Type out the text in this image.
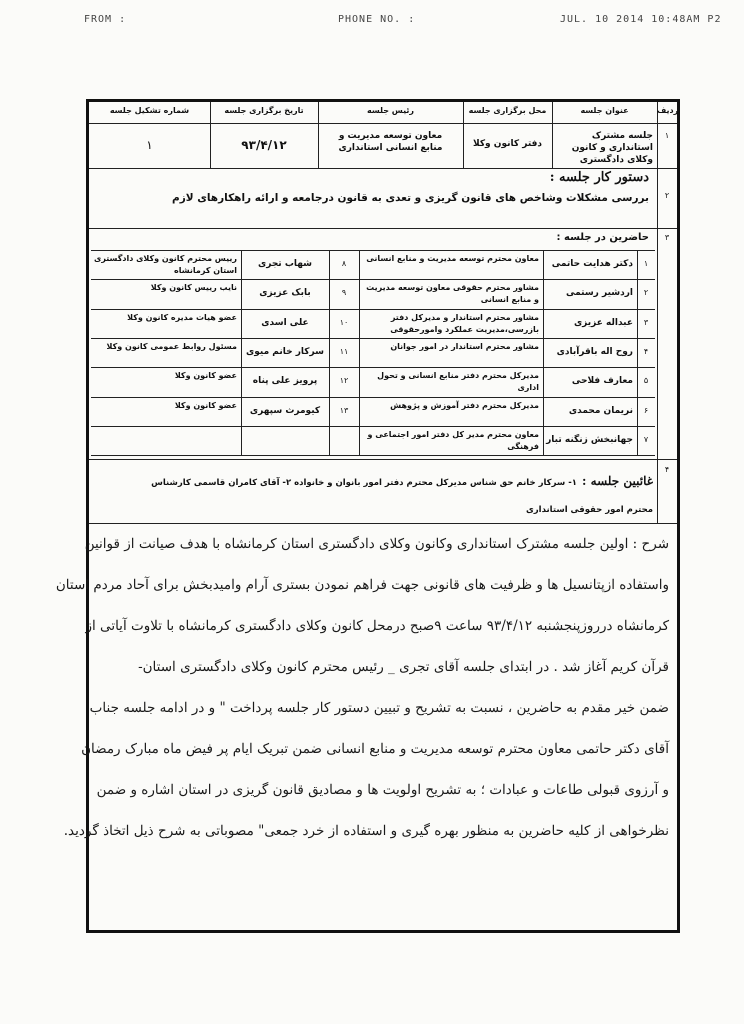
FROM :	PHONE NO. :	JUL. 10 2014 10:48AM P2
ردیف
عنوان جلسه
محل برگزاری جلسه
رئیس جلسه
تاریخ برگزاری جلسه
شماره تشکیل جلسه
۱
جلسه مشترک استانداری و کانون وکلای دادگستری
دفتر کانون وکلا
معاون توسعه مدیریت و منابع انسانی استانداری
۹۳/۴/۱۲
۱
۲
دستور کار جلسه :
بررسی مشکلات وشاخص های قانون گریزی و تعدی به قانون درجامعه و ارائه راهکارهای لازم
۳
حاضرین در جلسه :
۱
دکتر هدایت حاتمی
معاون محترم توسعه مدیریت و منابع انسانی
۸
شهاب تجری
رییس محترم کانون وکلای دادگستری استان کرمانشاه
۲
اردشیر رستمی
مشاور محترم حقوقی معاون توسعه مدیریت و منابع انسانی
۹
بابک عزیزی
نایب رییس کانون وکلا
۳
عبداله عزیزی
مشاور محترم استاندار و مدیرکل دفتر بازرسی،مدیریت عملکرد وامورحقوقی
۱۰
علی اسدی
عضو هیات مدیره کانون وکلا
۴
روح اله باقرآبادی
مشاور محترم استاندار در امور جوانان
۱۱
سرکار خانم میوی
مسئول روابط عمومی کانون وکلا
۵
معارف فلاحی
مدیرکل محترم دفتر منابع انسانی و تحول اداری
۱۲
پرویز علی پناه
عضو کانون وکلا
۶
نریمان محمدی
مدیرکل محترم دفتر آموزش و پژوهش
۱۳
کیومرث سپهری
عضو کانون وکلا
۷
جهانبخش زنگنه تبار
معاون محترم مدیر کل دفتر امور اجتماعی و فرهنگی
۴
غائبین جلسه : ۱- سرکار خانم حق شناس مدیرکل محترم دفتر امور بانوان و خانواده ۲- آقای کامران قاسمی کارشناس
محترم امور حقوقی استانداری
شرح : اولین جلسه مشترک استانداری وکانون وکلای دادگستری استان کرمانشاه با هدف صیانت از قوانین
واستفاده ازپتانسیل ها و ظرفیت های قانونی جهت فراهم نمودن بستری آرام وامیدبخش برای آحاد مردم استان
کرمانشاه درروزپنجشنبه ۹۳/۴/۱۲ ساعت ۹صبح درمحل کانون وکلای دادگستری کرمانشاه با تلاوت آیاتی از
قرآن کریم آغاز شد . در ابتدای جلسه آقای تجری _ رئیس محترم کانون وکلای دادگستری استان-
ضمن خیر مقدم به حاضرین ، نسبت به تشریح و تبیین دستور کار جلسه پرداخت " و در ادامه جلسه جناب
آقای دکتر حاتمی معاون محترم توسعه مدیریت و منابع انسانی ضمن تبریک ایام پر فیض ماه مبارک رمضان
و آرزوی قبولی طاعات و عبادات ؛ به تشریح اولویت ها و مصادیق قانون گریزی در استان اشاره و ضمن
نظرخواهی از کلیه حاضرین به منظور بهره گیری و استفاده از خرد جمعی" مصوباتی به شرح ذیل اتخاذ گردید.
